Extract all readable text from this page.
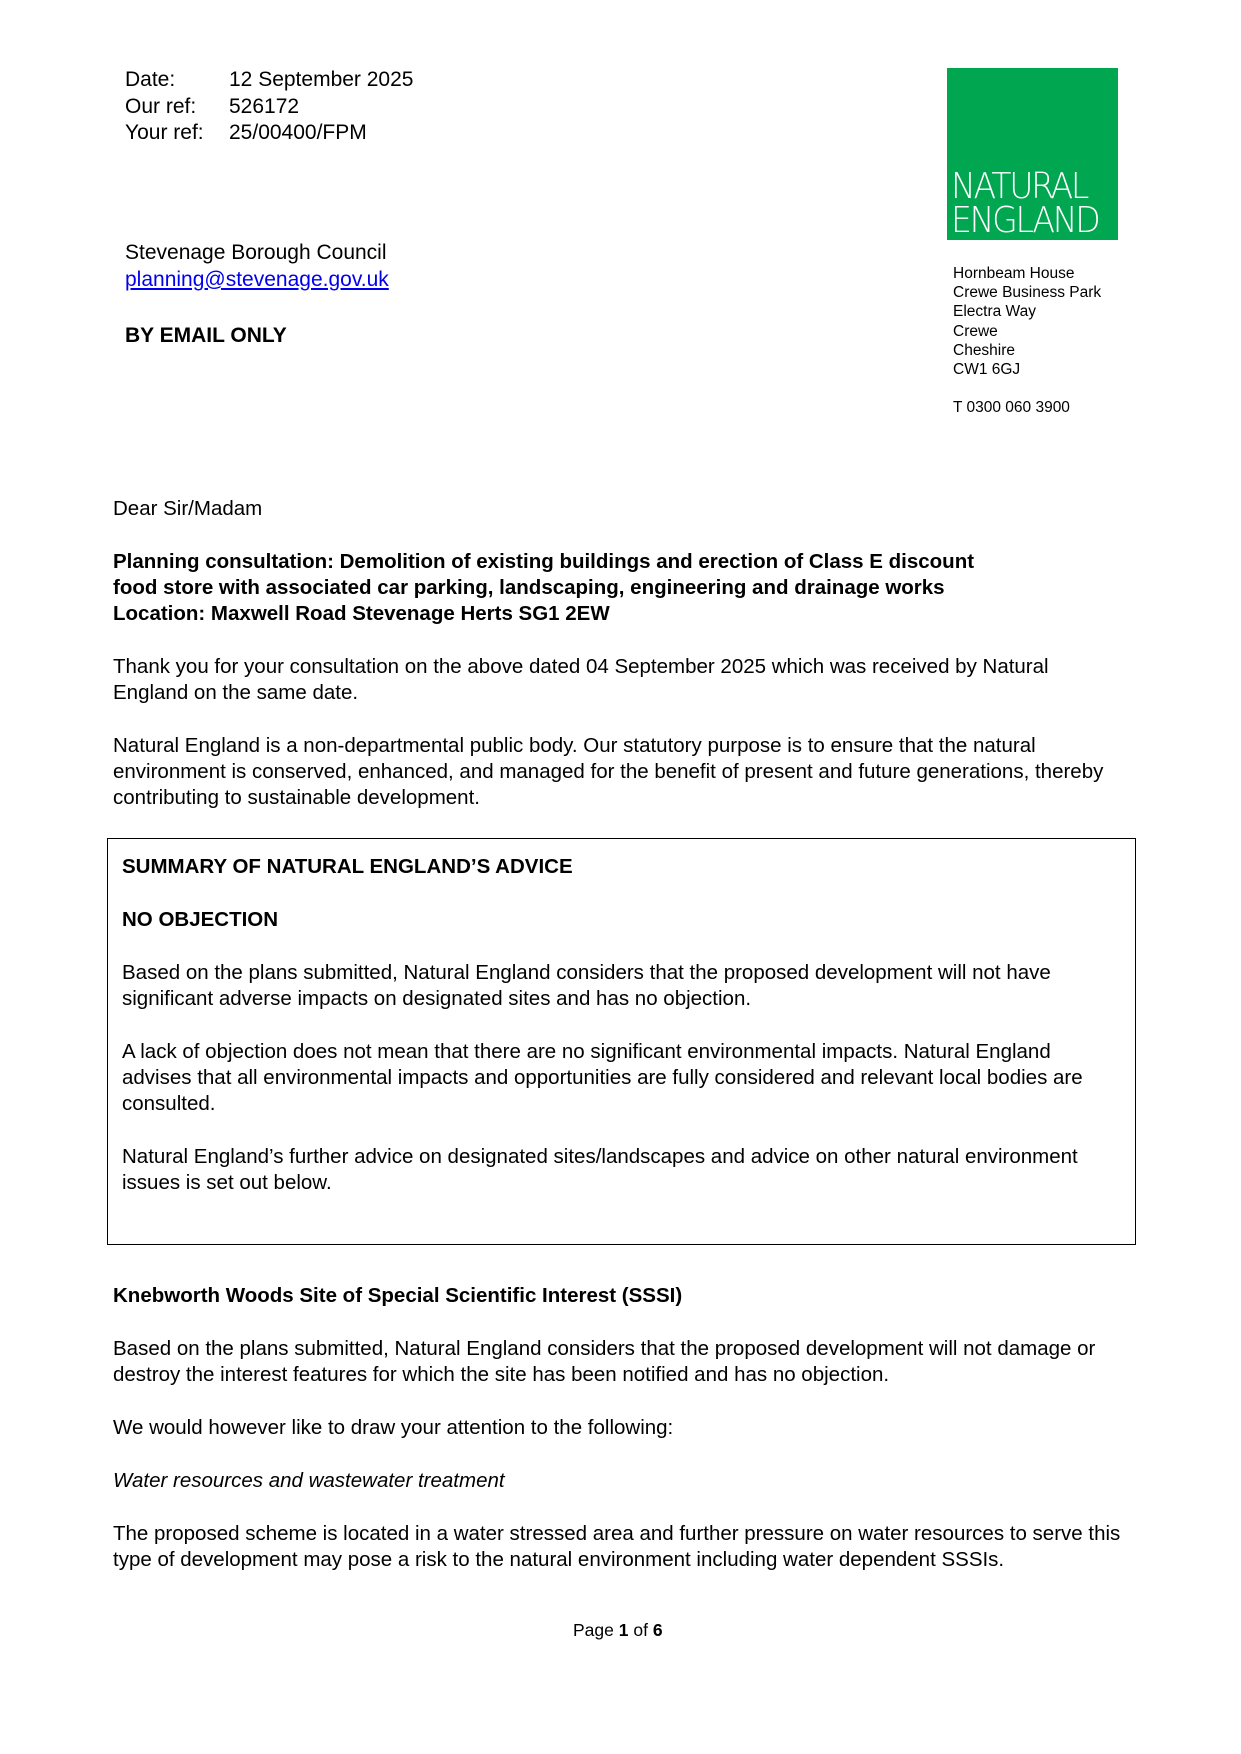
Date:	12 September 2025
Our ref:	526172
Your ref:	25/00400/FPM
Stevenage Borough Council
planning@stevenage.gov.uk
BY EMAIL ONLY
NATURAL
ENGLAND
Hornbeam House
Crewe Business Park
Electra Way
Crewe
Cheshire
CW1 6GJ
T 0300 060 3900

Dear Sir/Madam

Planning consultation: Demolition of existing buildings and erection of Class E discount
food store with associated car parking, landscaping, engineering and drainage works
Location: Maxwell Road Stevenage Herts SG1 2EW

Thank you for your consultation on the above dated 04 September 2025 which was received by Natural England on the same date.

Natural England is a non-departmental public body. Our statutory purpose is to ensure that the natural environment is conserved, enhanced, and managed for the benefit of present and future generations, thereby contributing to sustainable development.

SUMMARY OF NATURAL ENGLAND’S ADVICE

NO OBJECTION

Based on the plans submitted, Natural England considers that the proposed development will not have significant adverse impacts on designated sites and has no objection.

A lack of objection does not mean that there are no significant environmental impacts. Natural England advises that all environmental impacts and opportunities are fully considered and relevant local bodies are consulted.

Natural England’s further advice on designated sites/landscapes and advice on other natural environment issues is set out below.

Knebworth Woods Site of Special Scientific Interest (SSSI)

Based on the plans submitted, Natural England considers that the proposed development will not damage or destroy the interest features for which the site has been notified and has no objection.

We would however like to draw your attention to the following:

Water resources and wastewater treatment

The proposed scheme is located in a water stressed area and further pressure on water resources to serve this type of development may pose a risk to the natural environment including water dependent SSSIs.

Page 1 of 6
